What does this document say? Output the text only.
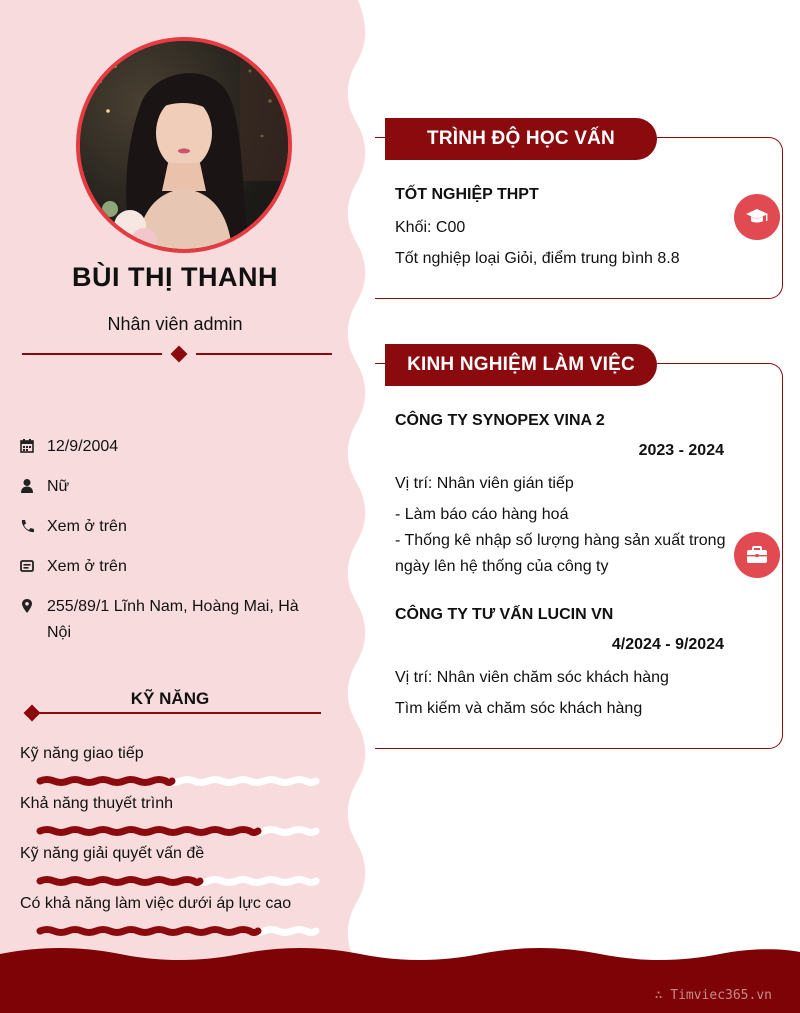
BÙI THỊ THANH
Nhân viên admin
12/9/2004
Nữ
Xem ở trên
Xem ở trên
255/89/1 Lĩnh Nam, Hoàng Mai, Hà
Nội
KỸ NĂNG
Kỹ năng giao tiếp
Khả năng thuyết trình
Kỹ năng giải quyết vấn đề
Có khả năng làm việc dưới áp lực cao
TRÌNH ĐỘ HỌC VẤN
TỐT NGHIỆP THPT
Khối: C00
Tốt nghiệp loại Giỏi, điểm trung bình 8.8
KINH NGHIỆM LÀM VIỆC
CÔNG TY SYNOPEX VINA 2
2023 - 2024
Vị trí: Nhân viên gián tiếp
- Làm báo cáo hàng hoá
- Thống kê nhập số lượng hàng sản xuất trong
ngày lên hệ thống của công ty
CÔNG TY TƯ VẤN LUCIN VN
4/2024 - 9/2024
Vị trí: Nhân viên chăm sóc khách hàng
Tìm kiếm và chăm sóc khách hàng
∴ Timviec365.vn
